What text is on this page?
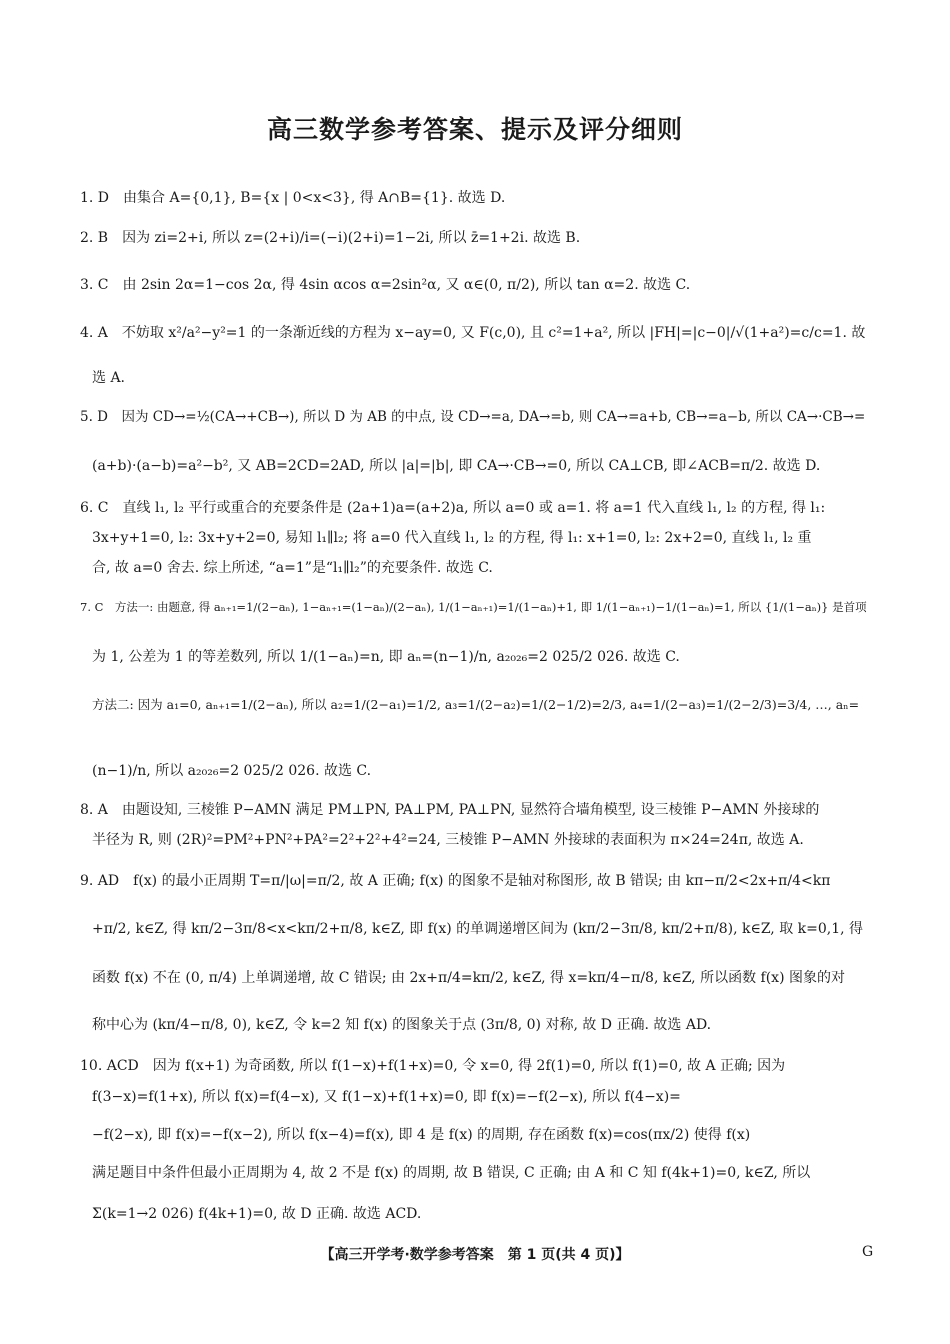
高三数学参考答案、提示及评分细则
1. D　由集合 A={0,1}, B={x | 0<x<3}, 得 A∩B={1}. 故选 D.
2. B　因为 zi=2+i, 所以 z=(2+i)/i=(−i)(2+i)=1−2i, 所以 z̄=1+2i. 故选 B.
3. C　由 2sin 2α=1−cos 2α, 得 4sin αcos α=2sin²α, 又 α∈(0, π/2), 所以 tan α=2. 故选 C.
4. A　不妨取 x²/a²−y²=1 的一条渐近线的方程为 x−ay=0, 又 F(c,0), 且 c²=1+a², 所以 |FH|=|c−0|/√(1+a²)=c/c=1. 故
选 A.
5. D　因为 CD→=½(CA→+CB→), 所以 D 为 AB 的中点, 设 CD→=a, DA→=b, 则 CA→=a+b, CB→=a−b, 所以 CA→·CB→=
(a+b)·(a−b)=a²−b², 又 AB=2CD=2AD, 所以 |a|=|b|, 即 CA→·CB→=0, 所以 CA⊥CB, 即∠ACB=π/2. 故选 D.
6. C　直线 l₁, l₂ 平行或重合的充要条件是 (2a+1)a=(a+2)a, 所以 a=0 或 a=1. 将 a=1 代入直线 l₁, l₂ 的方程, 得 l₁:
3x+y+1=0, l₂: 3x+y+2=0, 易知 l₁∥l₂; 将 a=0 代入直线 l₁, l₂ 的方程, 得 l₁: x+1=0, l₂: 2x+2=0, 直线 l₁, l₂ 重
合, 故 a=0 舍去. 综上所述, “a=1”是“l₁∥l₂”的充要条件. 故选 C.
7. C　方法一: 由题意, 得 aₙ₊₁=1/(2−aₙ), 1−aₙ₊₁=(1−aₙ)/(2−aₙ), 1/(1−aₙ₊₁)=1/(1−aₙ)+1, 即 1/(1−aₙ₊₁)−1/(1−aₙ)=1, 所以 {1/(1−aₙ)} 是首项
为 1, 公差为 1 的等差数列, 所以 1/(1−aₙ)=n, 即 aₙ=(n−1)/n, a₂₀₂₆=2 025/2 026. 故选 C.
方法二: 因为 a₁=0, aₙ₊₁=1/(2−aₙ), 所以 a₂=1/(2−a₁)=1/2, a₃=1/(2−a₂)=1/(2−1/2)=2/3, a₄=1/(2−a₃)=1/(2−2/3)=3/4, …, aₙ=
(n−1)/n, 所以 a₂₀₂₆=2 025/2 026. 故选 C.
8. A　由题设知, 三棱锥 P−AMN 满足 PM⊥PN, PA⊥PM, PA⊥PN, 显然符合墙角模型, 设三棱锥 P−AMN 外接球的
半径为 R, 则 (2R)²=PM²+PN²+PA²=2²+2²+4²=24, 三棱锥 P−AMN 外接球的表面积为 π×24=24π, 故选 A.
9. AD　f(x) 的最小正周期 T=π/|ω|=π/2, 故 A 正确; f(x) 的图象不是轴对称图形, 故 B 错误; 由 kπ−π/2<2x+π/4<kπ
+π/2, k∈Z, 得 kπ/2−3π/8<x<kπ/2+π/8, k∈Z, 即 f(x) 的单调递增区间为 (kπ/2−3π/8, kπ/2+π/8), k∈Z, 取 k=0,1, 得
函数 f(x) 不在 (0, π/4) 上单调递增, 故 C 错误; 由 2x+π/4=kπ/2, k∈Z, 得 x=kπ/4−π/8, k∈Z, 所以函数 f(x) 图象的对
称中心为 (kπ/4−π/8, 0), k∈Z, 令 k=2 知 f(x) 的图象关于点 (3π/8, 0) 对称, 故 D 正确. 故选 AD.
10. ACD　因为 f(x+1) 为奇函数, 所以 f(1−x)+f(1+x)=0, 令 x=0, 得 2f(1)=0, 所以 f(1)=0, 故 A 正确; 因为
f(3−x)=f(1+x), 所以 f(x)=f(4−x), 又 f(1−x)+f(1+x)=0, 即 f(x)=−f(2−x), 所以 f(4−x)=
−f(2−x), 即 f(x)=−f(x−2), 所以 f(x−4)=f(x), 即 4 是 f(x) 的周期, 存在函数 f(x)=cos(πx/2) 使得 f(x)
满足题目中条件但最小正周期为 4, 故 2 不是 f(x) 的周期, 故 B 错误, C 正确; 由 A 和 C 知 f(4k+1)=0, k∈Z, 所以
Σ(k=1→2 026) f(4k+1)=0, 故 D 正确. 故选 ACD.
【高三开学考·数学参考答案　第 1 页(共 4 页)】	G
